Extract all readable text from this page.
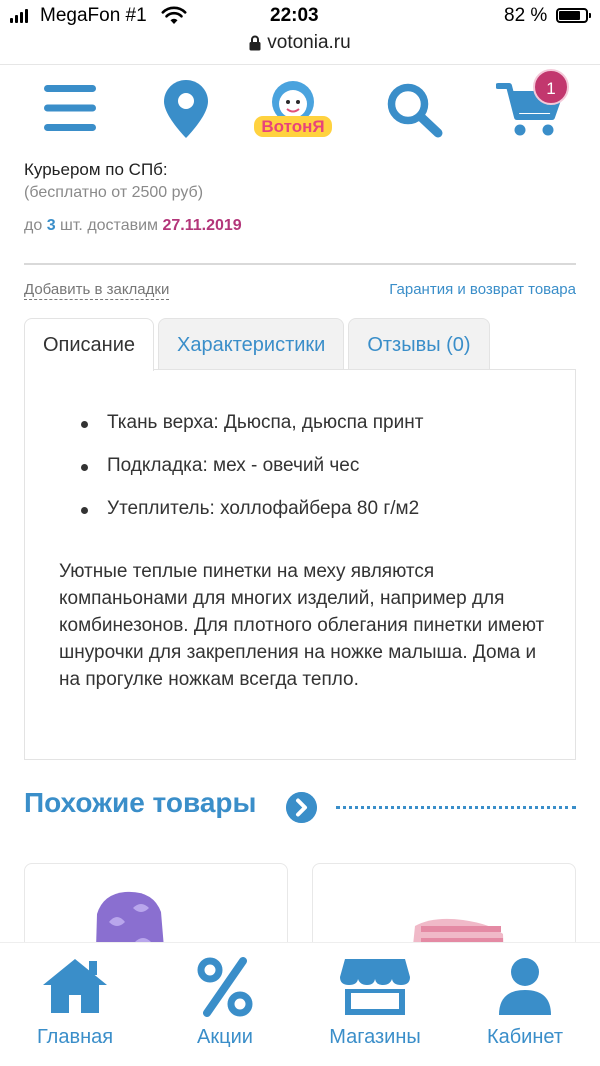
MegaFon #1	22:03	82 %
votonia.ru
ВотонЯ
1
Курьером по СПб:
(бесплатно от 2500 руб)
до 3 шт. доставим 27.11.2019
Добавить в закладки	Гарантия и возврат товара
Описание	Характеристики	Отзывы (0)
Ткань верха: Дьюспа, дьюспа принт
Подкладка: мех - овечий чес
Утеплитель: холлофайбера 80 г/м2

Уютные теплые пинетки на меху являются компаньонами для многих изделий, например для комбинезонов. Для плотного облегания пинетки имеют шнурочки для закрепления на ножке малыша. Дома и на прогулке ножкам всегда тепло.

Похожие товары
Главная	Акции	Магазины	Кабинет
